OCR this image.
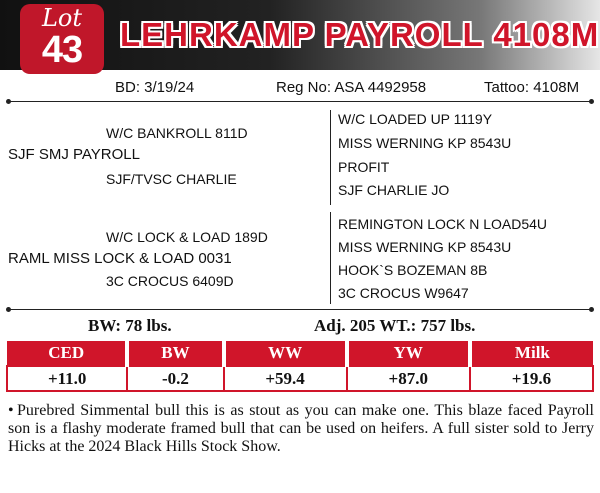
Lot
43	LEHRKAMP PAYROLL 4108M
BD: 3/19/24	Reg No: ASA 4492958	Tattoo: 4108M
W/C BANKROLL 811D
SJF SMJ PAYROLL
SJF/TVSC CHARLIE
W/C LOADED UP 1119Y
MISS WERNING KP 8543U
PROFIT
SJF CHARLIE JO
W/C LOCK & LOAD 189D
RAML MISS LOCK & LOAD 0031
3C CROCUS 6409D
REMINGTON LOCK N LOAD54U
MISS WERNING KP 8543U
HOOK`S BOZEMAN 8B
3C CROCUS W9647
BW: 78 lbs.	Adj. 205 WT.: 757 lbs.
CED	BW	WW	YW	Milk
+11.0	-0.2	+59.4	+87.0	+19.6
• Purebred Simmental bull this is as stout as you can make one. This blaze faced Payroll son is a flashy moderate framed bull that can be used on heifers. A full sister sold to Jerry Hicks at the 2024 Black Hills Stock Show.
